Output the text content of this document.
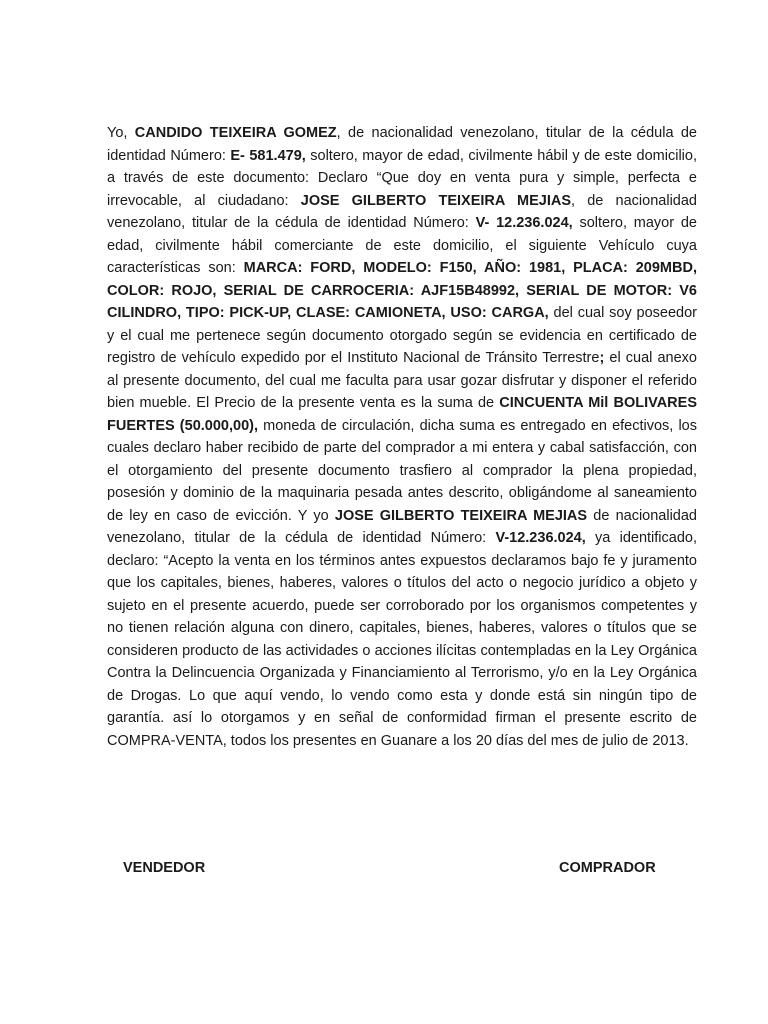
Yo, CANDIDO TEIXEIRA GOMEZ, de nacionalidad venezolano, titular de la cédula de identidad Número: E- 581.479, soltero, mayor de edad, civilmente hábil y de este domicilio, a través de este documento: Declaro “Que doy en venta pura y simple, perfecta e irrevocable, al ciudadano: JOSE GILBERTO TEIXEIRA MEJIAS, de nacionalidad venezolano, titular de la cédula de identidad Número: V- 12.236.024, soltero, mayor de edad, civilmente hábil comerciante de este domicilio, el siguiente Vehículo cuya características son: MARCA: FORD, MODELO: F150, AÑO: 1981, PLACA: 209MBD, COLOR: ROJO, SERIAL DE CARROCERIA: AJF15B48992, SERIAL DE MOTOR: V6 CILINDRO, TIPO: PICK-UP, CLASE: CAMIONETA, USO: CARGA, del cual soy poseedor y el cual me pertenece según documento otorgado según se evidencia en certificado de registro de vehículo expedido por el Instituto Nacional de Tránsito Terrestre; el cual anexo al presente documento, del cual me faculta para usar gozar disfrutar y disponer el referido bien mueble. El Precio de la presente venta es la suma de CINCUENTA Mil BOLIVARES FUERTES (50.000,00), moneda de circulación, dicha suma es entregado en efectivos, los cuales declaro haber recibido de parte del comprador a mi entera y cabal satisfacción, con el otorgamiento del presente documento trasfiero al comprador la plena propiedad, posesión y dominio de la maquinaria pesada antes descrito, obligándome al saneamiento de ley en caso de evicción. Y yo JOSE GILBERTO TEIXEIRA MEJIAS de nacionalidad venezolano, titular de la cédula de identidad Número: V-12.236.024, ya identificado, declaro: “Acepto la venta en los términos antes expuestos declaramos bajo fe y juramento que los capitales, bienes, haberes, valores o títulos del acto o negocio jurídico a objeto y sujeto en el presente acuerdo, puede ser corroborado por los organismos competentes y no tienen relación alguna con dinero, capitales, bienes, haberes, valores o títulos que se consideren producto de las actividades o acciones ilícitas contempladas en la Ley Orgánica Contra la Delincuencia Organizada y Financiamiento al Terrorismo, y/o en la Ley Orgánica de Drogas. Lo que aquí vendo, lo vendo como esta y donde está sin ningún tipo de garantía. así lo otorgamos y en señal de conformidad firman el presente escrito de COMPRA-VENTA, todos los presentes en Guanare a los 20 días del mes de julio de 2013.

VENDEDOR	COMPRADOR
